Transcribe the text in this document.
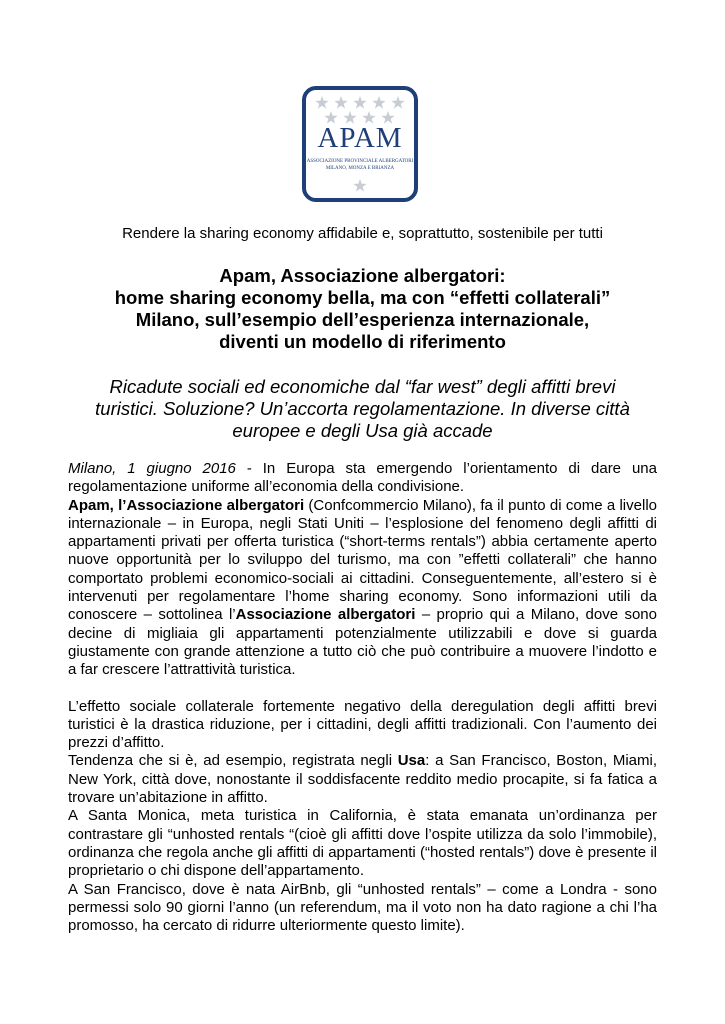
APAM
ASSOCIAZIONE PROVINCIALE ALBERGATORI
MILANO, MONZA E BRIANZA
Rendere la sharing economy affidabile e, soprattutto, sostenibile per tutti
Apam, Associazione albergatori:
home sharing economy bella, ma con “effetti collaterali”
Milano, sull’esempio dell’esperienza internazionale,
diventi un modello di riferimento
Ricadute sociali ed economiche dal “far west” degli affitti brevi
turistici. Soluzione? Un’accorta regolamentazione. In diverse città
europee e degli Usa già accade

Milano, 1 giugno 2016 - In Europa sta emergendo l’orientamento di dare una regolamentazione uniforme all’economia della condivisione.

Apam, l’Associazione albergatori (Confcommercio Milano), fa il punto di come a livello internazionale – in Europa, negli Stati Uniti – l’esplosione del fenomeno degli affitti di appartamenti privati per offerta turistica (“short-terms rentals”) abbia certamente aperto nuove opportunità per lo sviluppo del turismo, ma con ”effetti collaterali” che hanno comportato problemi economico-sociali ai cittadini. Conseguentemente, all’estero si è intervenuti per regolamentare l’home sharing economy. Sono informazioni utili da conoscere – sottolinea l’Associazione albergatori – proprio qui a Milano, dove sono decine di migliaia gli appartamenti potenzialmente utilizzabili e dove si guarda giustamente con grande attenzione a tutto ciò che può contribuire a muovere l’indotto e a far crescere l’attrattività turistica.

L’effetto sociale collaterale fortemente negativo della deregulation degli affitti brevi turistici è la drastica riduzione, per i cittadini, degli affitti tradizionali. Con l’aumento dei prezzi d’affitto.

Tendenza che si è, ad esempio, registrata negli Usa: a San Francisco, Boston, Miami, New York, città dove, nonostante il soddisfacente reddito medio procapite, si fa fatica a trovare un’abitazione in affitto.

A Santa Monica, meta turistica in California, è stata emanata un’ordinanza per contrastare gli “unhosted rentals “(cioè gli affitti dove l’ospite utilizza da solo l’immobile), ordinanza che regola anche gli affitti di appartamenti (“hosted rentals”) dove è presente il proprietario o chi dispone dell’appartamento.

A San Francisco, dove è nata AirBnb, gli “unhosted rentals” – come a Londra - sono permessi solo 90 giorni l’anno (un referendum, ma il voto non ha dato ragione a chi l’ha promosso, ha cercato di ridurre ulteriormente questo limite).
